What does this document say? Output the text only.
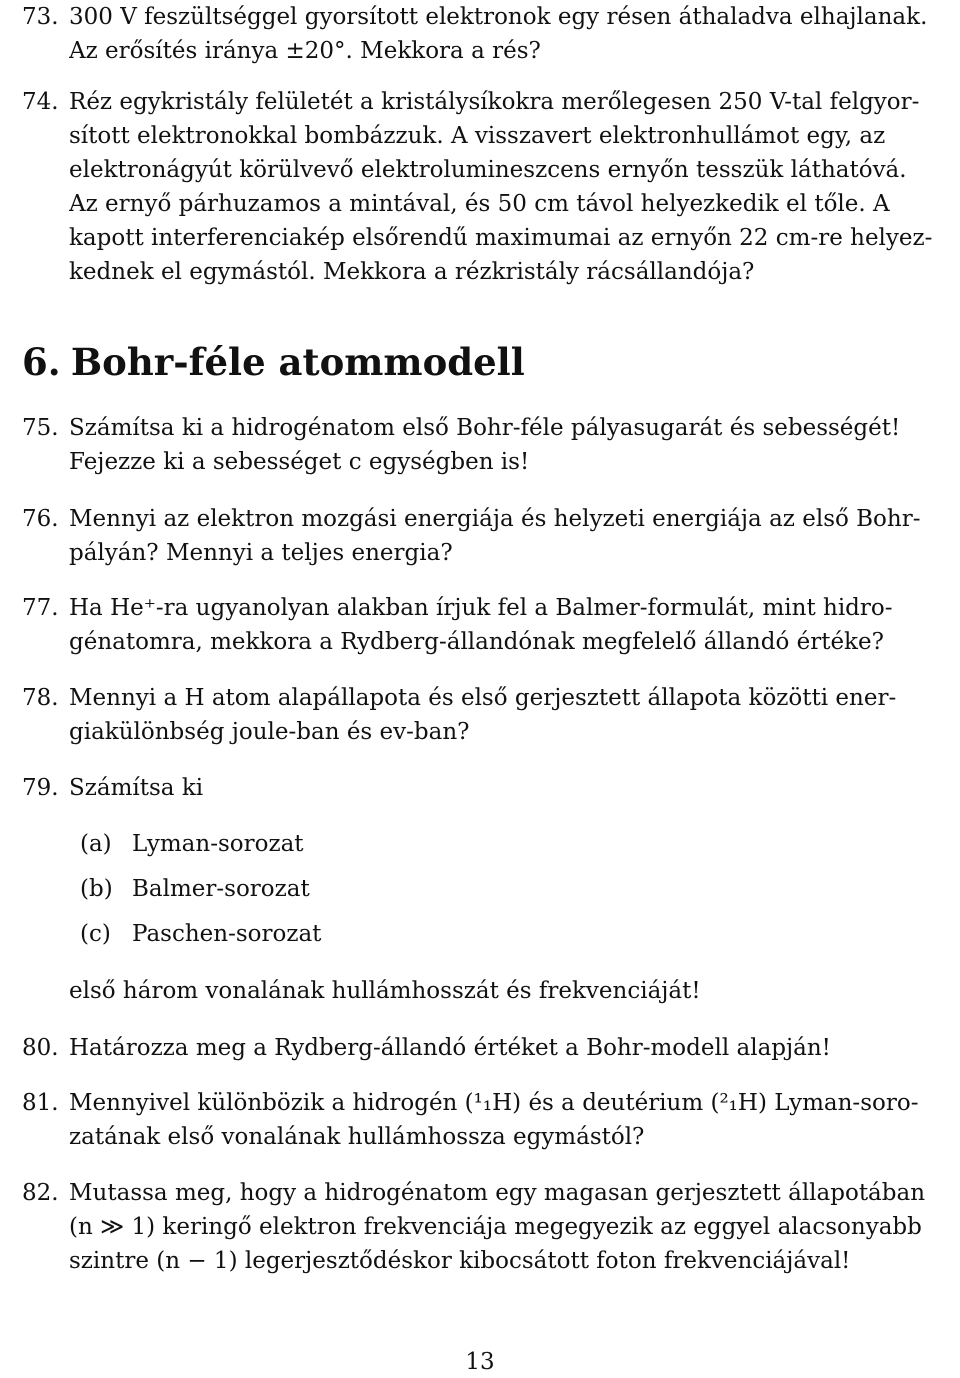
73. 300 V feszültséggel gyorsított elektronok egy résen áthaladva elhajlanak.
Az erősítés iránya ±20°. Mekkora a rés?
74. Réz egykristály felületét a kristálysíkokra merőlegesen 250 V-tal felgyor-
sított elektronokkal bombázzuk. A visszavert elektronhullámot egy, az
elektronágyút körülvevő elektrolumineszcens ernyőn tesszük láthatóvá.
Az ernyő párhuzamos a mintával, és 50 cm távol helyezkedik el tőle. A
kapott interferenciakép elsőrendű maximumai az ernyőn 22 cm-re helyez-
kednek el egymástól. Mekkora a rézkristály rácsállandója?
6. Bohr-féle atommodell
75. Számítsa ki a hidrogénatom első Bohr-féle pályasugarát és sebességét!
Fejezze ki a sebességet c egységben is!
76. Mennyi az elektron mozgási energiája és helyzeti energiája az első Bohr-
pályán? Mennyi a teljes energia?
77. Ha He⁺-ra ugyanolyan alakban írjuk fel a Balmer-formulát, mint hidro-
génatomra, mekkora a Rydberg-állandónak megfelelő állandó értéke?
78. Mennyi a H atom alapállapota és első gerjesztett állapota közötti ener-
giakülönbség joule-ban és ev-ban?
79. Számítsa ki
(a) Lyman-sorozat
(b) Balmer-sorozat
(c) Paschen-sorozat
első három vonalának hullámhosszát és frekvenciáját!
80. Határozza meg a Rydberg-állandó értéket a Bohr-modell alapján!
81. Mennyivel különbözik a hidrogén (¹₁H) és a deutérium (²₁H) Lyman-soro-
zatának első vonalának hullámhossza egymástól?
82. Mutassa meg, hogy a hidrogénatom egy magasan gerjesztett állapotában
(n ≫ 1) keringő elektron frekvenciája megegyezik az eggyel alacsonyabb
szintre (n − 1) legerjesztődéskor kibocsátott foton frekvenciájával!
13
